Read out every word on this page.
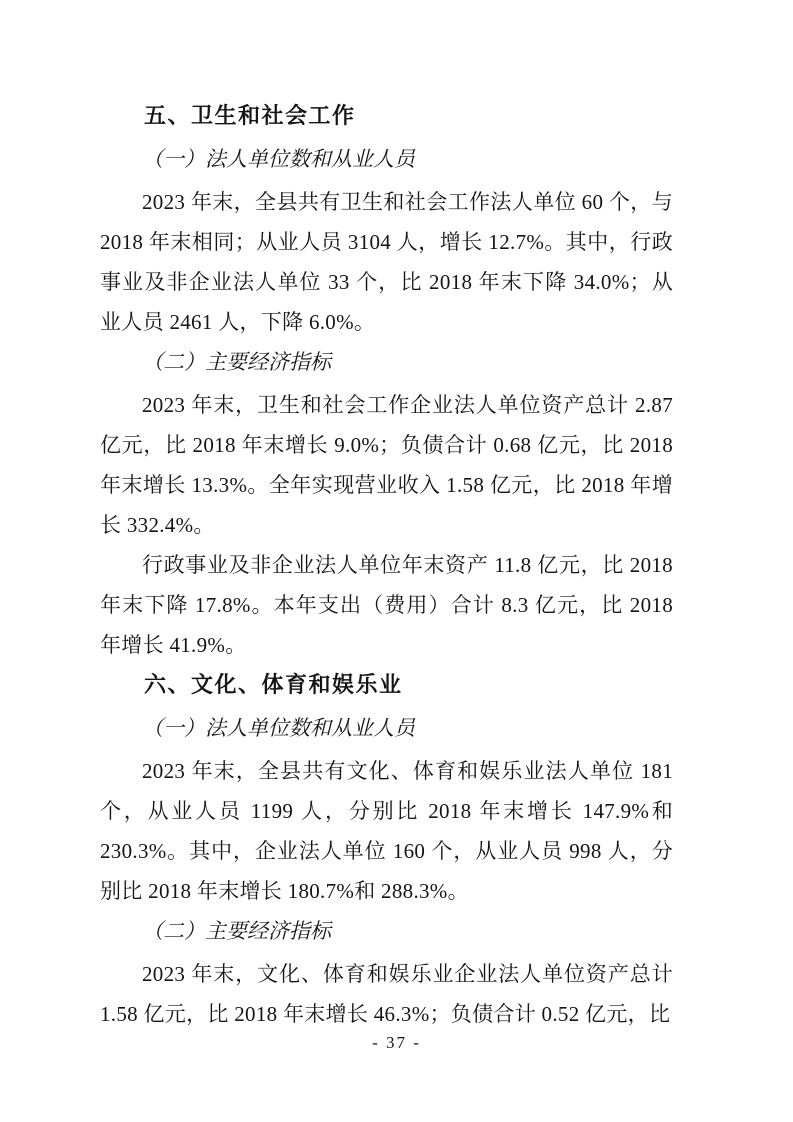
五、卫生和社会工作
（一）法人单位数和从业人员

2023 年末，全县共有卫生和社会工作法人单位 60 个，与 2018 年末相同；从业人员 3104 人，增长 12.7%。其中，行政事业及非企业法人单位 33 个，比 2018 年末下降 34.0%；从业人员 2461 人，下降 6.0%。

（二）主要经济指标

2023 年末，卫生和社会工作企业法人单位资产总计 2.87 亿元，比 2018 年末增长 9.0%；负债合计 0.68 亿元，比 2018 年末增长 13.3%。全年实现营业收入 1.58 亿元，比 2018 年增长 332.4%。

行政事业及非企业法人单位年末资产 11.8 亿元，比 2018 年末下降 17.8%。本年支出（费用）合计 8.3 亿元，比 2018 年增长 41.9%。

六、文化、体育和娱乐业
（一）法人单位数和从业人员

2023 年末，全县共有文化、体育和娱乐业法人单位 181 个，从业人员 1199 人，分别比 2018 年末增长 147.9%和 230.3%。其中，企业法人单位 160 个，从业人员 998 人，分别比 2018 年末增长 180.7%和 288.3%。

（二）主要经济指标

2023 年末，文化、体育和娱乐业企业法人单位资产总计 1.58 亿元，比 2018 年末增长 46.3%；负债合计 0.52 亿元，比

- 37 -
